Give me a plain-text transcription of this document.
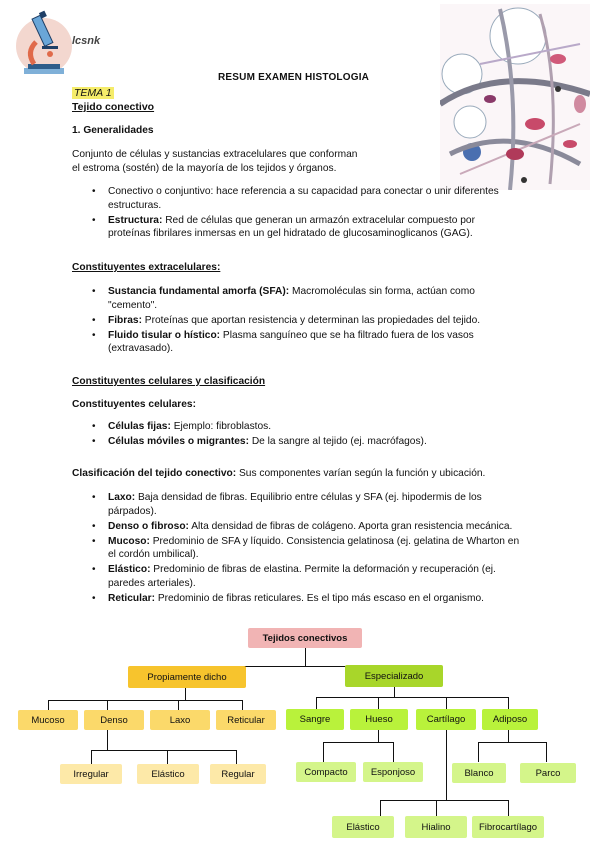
lcsnk
RESUM EXAMEN HISTOLOGIA
TEMA 1
Tejido conectivo
1. Generalidades

Conjunto de células y sustancias extracelulares que conforman

el estroma (sostén) de la mayoría de los tejidos y órganos.

• Conectivo o conjuntivo: hace referencia a su capacidad para conectar o unir diferentes estructuras.
• Estructura: Red de células que generan un armazón extracelular compuesto por proteínas fibrilares inmersas en un gel hidratado de glucosaminoglicanos (GAG).
Constituyentes extracelulares:
• Sustancia fundamental amorfa (SFA): Macromoléculas sin forma, actúan como "cemento".
• Fibras: Proteínas que aportan resistencia y determinan las propiedades del tejido.
• Fluido tisular o hístico: Plasma sanguíneo que se ha filtrado fuera de los vasos (extravasado).
Constituyentes celulares y clasificación
Constituyentes celulares:
• Células fijas: Ejemplo: fibroblastos.
• Células móviles o migrantes: De la sangre al tejido (ej. macrófagos).
Clasificación del tejido conectivo: Sus componentes varían según la función y ubicación.
• Laxo: Baja densidad de fibras. Equilibrio entre células y SFA (ej. hipodermis de los párpados).
• Denso o fibroso: Alta densidad de fibras de colágeno. Aporta gran resistencia mecánica.
• Mucoso: Predominio de SFA y líquido. Consistencia gelatinosa (ej. gelatina de Wharton en el cordón umbilical).
• Elástico: Predominio de fibras de elastina. Permite la deformación y recuperación (ej. paredes arteriales).
• Reticular: Predominio de fibras reticulares. Es el tipo más escaso en el organismo.
Tejidos conectivos
Propiamente dicho	Especializado
Mucoso	Denso	Laxo	Reticular
Irregular	Elástico	Regular
Sangre	Hueso	Cartílago	Adiposo
Compacto	Esponjoso	Blanco	Parco
Elástico	Hialino	Fibrocartílago
